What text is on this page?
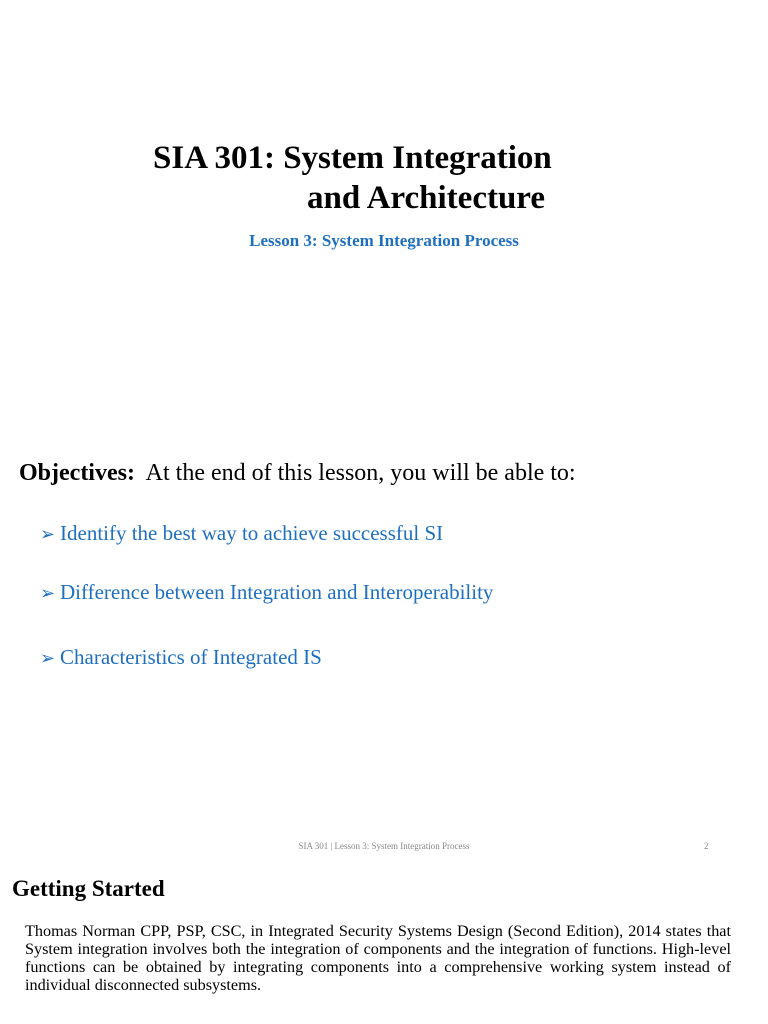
SIA 301: System Integration
and Architecture
Lesson 3: System Integration Process
Objectives: At the end of this lesson, you will be able to:
➢ Identify the best way to achieve successful SI
➢ Difference between Integration and Interoperability
➢ Characteristics of Integrated IS
SIA 301 | Lesson 3: System Integration Process	2
Getting Started
Thomas Norman CPP, PSP, CSC, in Integrated Security Systems Design (Second Edition), 2014 states that System integration involves both the integration of components and the integration of functions. High-level functions can be obtained by integrating components into a comprehensive working system instead of individual disconnected subsystems.
